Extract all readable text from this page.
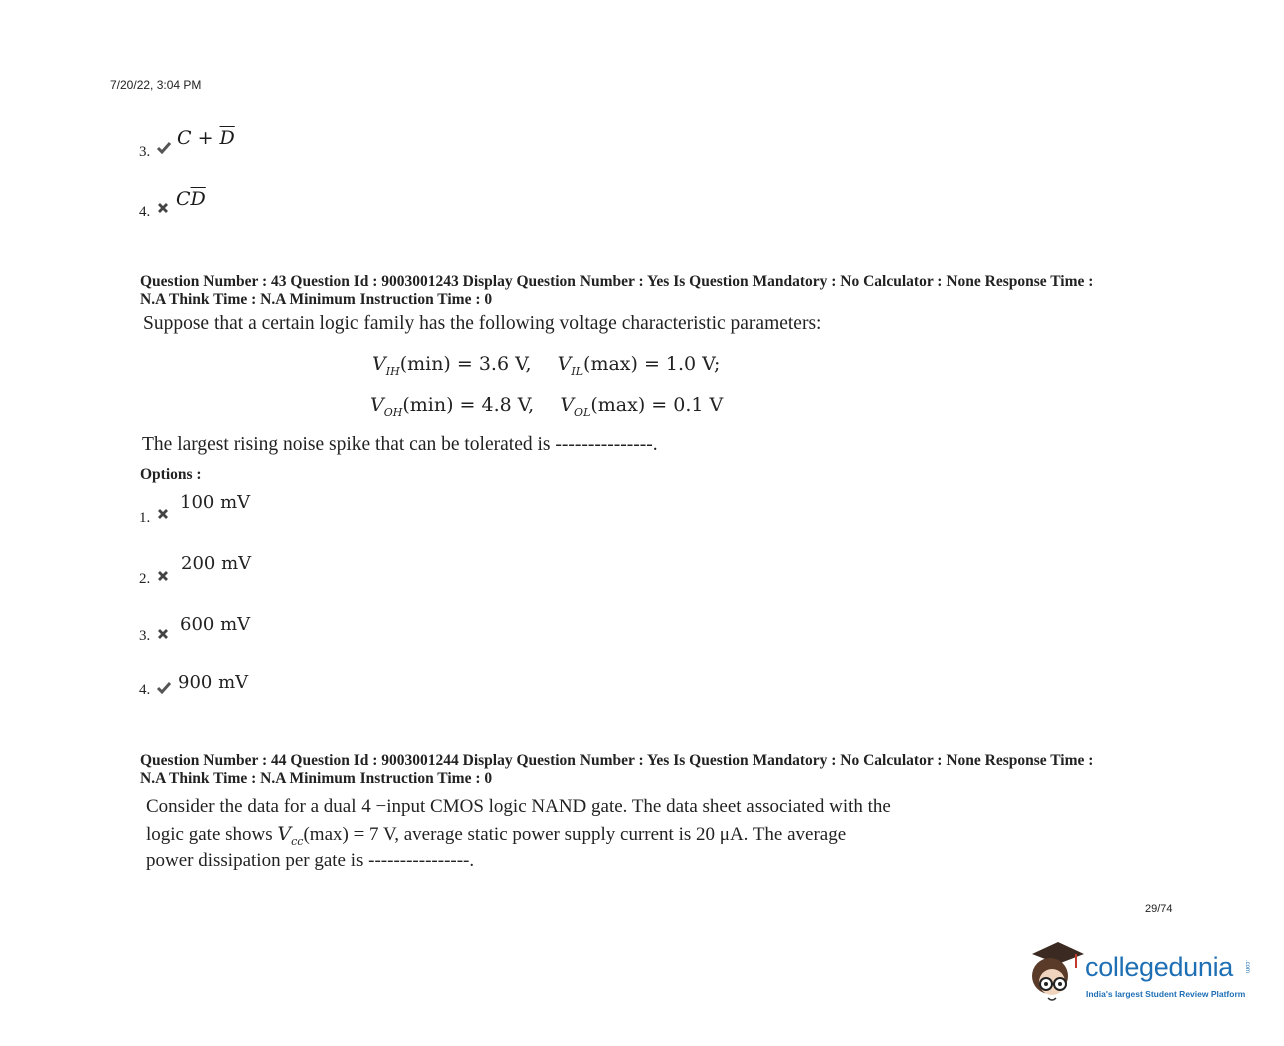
7/20/22, 3:04 PM
3.
$C + \overline{D}$
4.
$C\overline{D}$
Question Number : 43 Question Id : 9003001243 Display Question Number : Yes Is Question Mandatory : No Calculator : None Response Time :
N.A Think Time : N.A Minimum Instruction Time : 0
Suppose that a certain logic family has the following voltage characteristic parameters:
$V_{IH}(\min) = 3.6$ V, $V_{IL}(\max) = 1.0$ V;
$V_{OH}(\min) = 4.8$ V, $V_{OL}(\max) = 0.1$ V
The largest rising noise spike that can be tolerated is ---------------.
Options :
1.
100 mV
2.
200 mV
3.
600 mV
4. 900 mV
Question Number : 44 Question Id : 9003001244 Display Question Number : Yes Is Question Mandatory : No Calculator : None Response Time :
N.A Think Time : N.A Minimum Instruction Time : 0
Consider the data for a dual 4 −input CMOS logic NAND gate. The data sheet associated with the
logic gate shows $V_{cc}(\max) = 7$ V, average static power supply current is 20 μA. The average
power dissipation per gate is ----------------.
29/74
collegedunia .com
India's largest Student Review Platform
